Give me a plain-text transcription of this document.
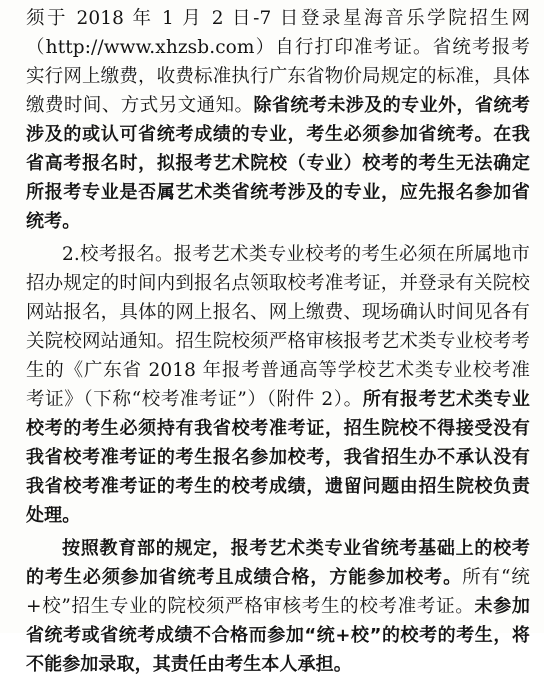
须于 2018 年 1 月 2 日-7 日登录星海音乐学院招生网（http://www.xhzsb.com）自行打印准考证。省统考报考实行网上缴费，收费标准执行广东省物价局规定的标准，具体缴费时间、方式另文通知。除省统考未涉及的专业外，省统考涉及的或认可省统考成绩的专业，考生必须参加省统考。在我省高考报名时，拟报考艺术院校（专业）校考的考生无法确定所报考专业是否属艺术类省统考涉及的专业，应先报名参加省统考。

2.校考报名。报考艺术类专业校考的考生必须在所属地市招办规定的时间内到报名点领取校考准考证，并登录有关院校网站报名，具体的网上报名、网上缴费、现场确认时间见各有关院校网站通知。招生院校须严格审核报考艺术类专业校考考生的《广东省 2018 年报考普通高等学校艺术类专业校考准考证》（下称“校考准考证”）（附件 2）。所有报考艺术类专业校考的考生必须持有我省校考准考证，招生院校不得接受没有我省校考准考证的考生报名参加校考，我省招生办不承认没有我省校考准考证的考生的校考成绩，遗留问题由招生院校负责处理。

按照教育部的规定，报考艺术类专业省统考基础上的校考的考生必须参加省统考且成绩合格，方能参加校考。所有“统+校”招生专业的院校须严格审核考生的校考准考证。未参加省统考或省统考成绩不合格而参加“统+校”的校考的考生，将不能参加录取，其责任由考生本人承担。
